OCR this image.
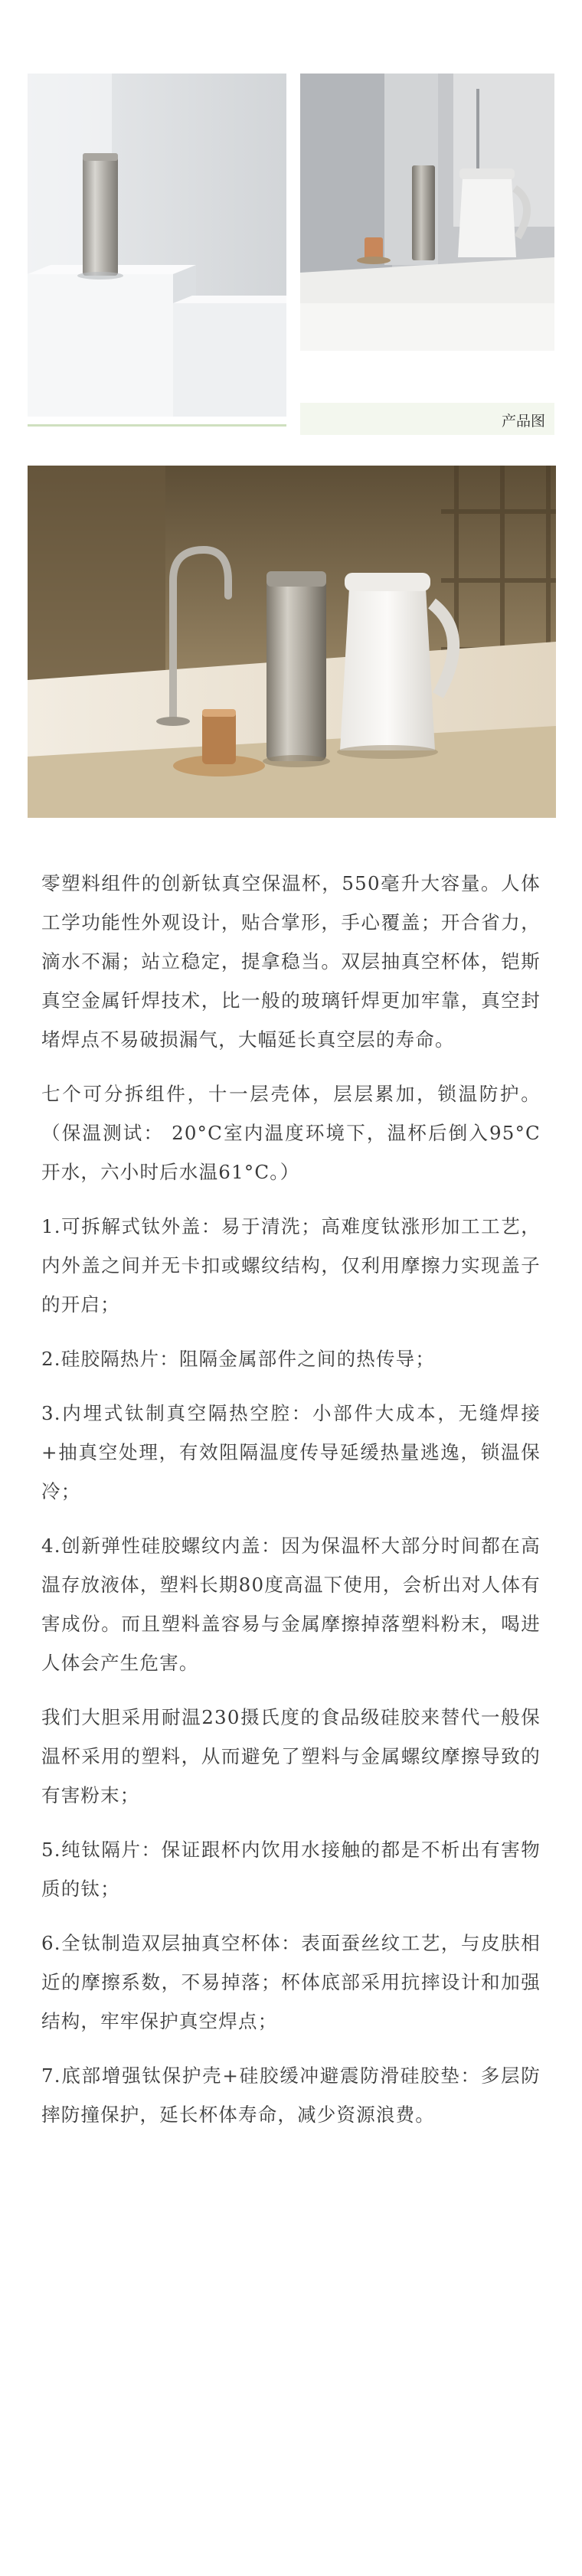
产品图

零塑料组件的创新钛真空保温杯，550毫升大容量。人体工学功能性外观设计，贴合掌形，手心覆盖；开合省力，滴水不漏；站立稳定，提拿稳当。双层抽真空杯体，铠斯真空金属钎焊技术，比一般的玻璃钎焊更加牢靠，真空封堵焊点不易破损漏气，大幅延长真空层的寿命。

七个可分拆组件，十一层壳体，层层累加，锁温防护。（保温测试： 20°C室内温度环境下，温杯后倒入95°C开水，六小时后水温61°C。）

1.可拆解式钛外盖：易于清洗；高难度钛涨形加工工艺，内外盖之间并无卡扣或螺纹结构，仅利用摩擦力实现盖子的开启；

2.硅胶隔热片：阻隔金属部件之间的热传导；

3.内埋式钛制真空隔热空腔：小部件大成本，无缝焊接+抽真空处理，有效阻隔温度传导延缓热量逃逸，锁温保冷；

4.创新弹性硅胶螺纹内盖：因为保温杯大部分时间都在高温存放液体，塑料长期80度高温下使用，会析出对人体有害成份。而且塑料盖容易与金属摩擦掉落塑料粉末，喝进人体会产生危害。

我们大胆采用耐温230摄氏度的食品级硅胶来替代一般保温杯采用的塑料，从而避免了塑料与金属螺纹摩擦导致的有害粉末；

5.纯钛隔片：保证跟杯内饮用水接触的都是不析出有害物质的钛；

6.全钛制造双层抽真空杯体：表面蚕丝纹工艺，与皮肤相近的摩擦系数，不易掉落；杯体底部采用抗摔设计和加强结构，牢牢保护真空焊点；

7.底部增强钛保护壳+硅胶缓冲避震防滑硅胶垫：多层防摔防撞保护，延长杯体寿命，减少资源浪费。
